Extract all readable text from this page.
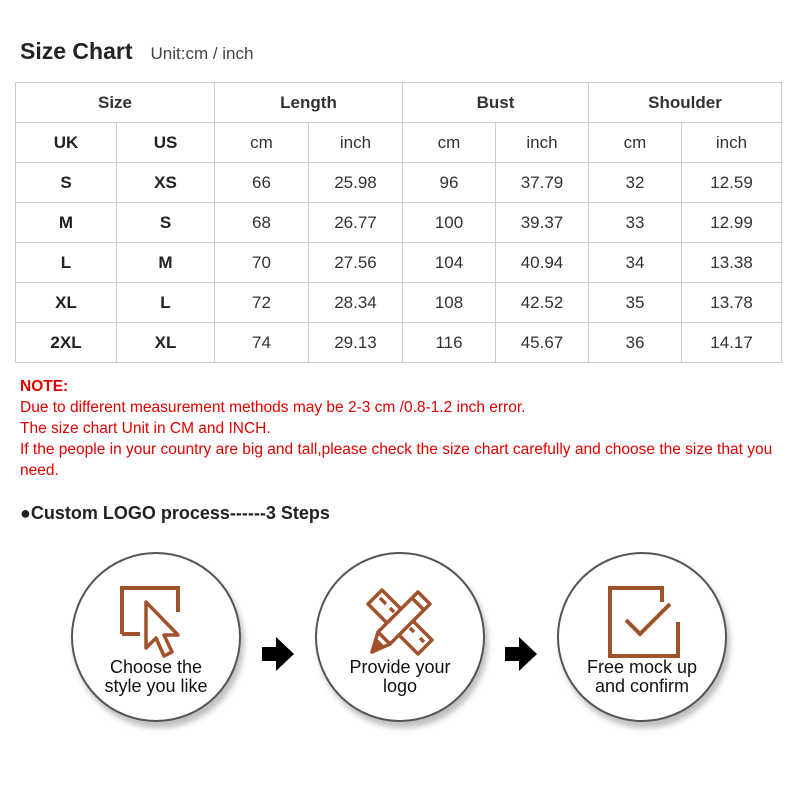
Size Chart Unit:cm / inch
Size		Length		Bust		Shoulder	
UK	US	cm	inch	cm	inch	cm	inch
S	XS	66	25.98	96	37.79	32	12.59
M	S	68	26.77	100	39.37	33	12.99
L	M	70	27.56	104	40.94	34	13.38
XL	L	72	28.34	108	42.52	35	13.78
2XL	XL	74	29.13	116	45.67	36	14.17
NOTE:
Due to different measurement methods may be 2-3 cm /0.8-1.2 inch error.
The size chart Unit in CM and INCH.
If the people in your country are big and tall,please check the size chart carefully and choose the size that you need.
●Custom LOGO process------3 Steps
Choose the
style you like
Provide your
logo
Free mock up
and confirm
